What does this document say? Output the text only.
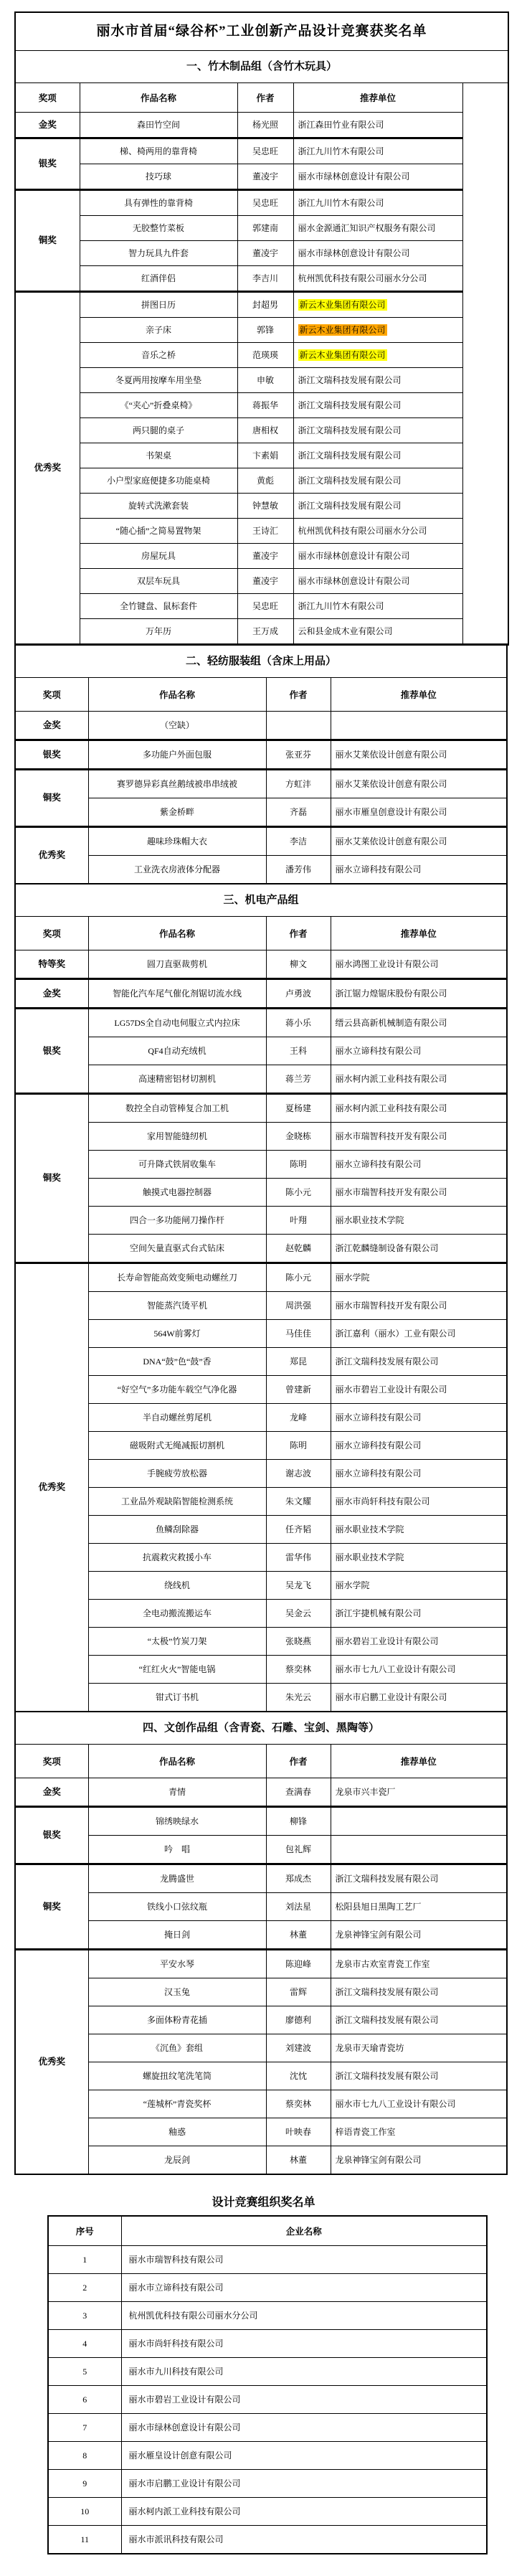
丽水市首届“绿谷杯”工业创新产品设计竞赛获奖名单				
一、竹木制品组（含竹木玩具）				
奖项	作品名称	作者	推荐单位	
金奖	森田竹空间	杨光照	浙江森田竹业有限公司	
银奖	梯、椅两用的靠背椅	吴忠旺	浙江九川竹木有限公司	
	技巧球	董凌宇	丽水市绿林创意设计有限公司	
铜奖	具有弹性的靠背椅	吴忠旺	浙江九川竹木有限公司	
	无胶整竹菜板	郭建南	丽水金源通汇知识产权服务有限公司	
	智力玩具九件套	董凌宇	丽水市绿林创意设计有限公司	
	红酒伴侣	李吉川	杭州凯优科技有限公司丽水分公司	
优秀奖	拼图日历	封超男	新云木业集团有限公司	
	亲子床	郭锋	新云木业集团有限公司	
	音乐之桥	范瑛瑛	新云木业集团有限公司	
	冬夏两用按摩车用坐垫	申敏	浙江文瑞科技发展有限公司	
	《“夹心”折叠桌椅》	蒋振华	浙江文瑞科技发展有限公司	
	两只腿的桌子	唐相权	浙江文瑞科技发展有限公司	
	书架桌	卞素娟	浙江文瑞科技发展有限公司	
	小户型家庭便捷多功能桌椅	黄彪	浙江文瑞科技发展有限公司	
	旋转式洗漱套装	钟慧敏	浙江文瑞科技发展有限公司	
	“随心插”之简易置物架	王诗汇	杭州凯优科技有限公司丽水分公司	
	房屋玩具	董凌宇	丽水市绿林创意设计有限公司	
	双层车玩具	董凌宇	丽水市绿林创意设计有限公司	
	全竹键盘、鼠标套件	吴忠旺	浙江九川竹木有限公司	
	万年历	王万成	云和县金成木业有限公司	
二、轻纺服装组（含床上用品）			
奖项	作品名称	作者	推荐单位
金奖	（空缺）		
银奖	多功能户外面包服	张亚芬	丽水艾莱依设计创意有限公司
铜奖	赛罗德异彩真丝鹅绒被串串绒被	方虹沣	丽水艾莱依设计创意有限公司
	紫金桥畔	齐磊	丽水市雁皇创意设计有限公司
优秀奖	趣味珍珠帽大衣	李洁	丽水艾莱依设计创意有限公司
	工业洗衣房液体分配器	潘芳伟	丽水立谛科技有限公司
三、机电产品组			
奖项	作品名称	作者	推荐单位
特等奖	圆刀直驱裁剪机	柳文	丽水鸿图工业设计有限公司
金奖	智能化汽车尾气催化剂锯切流水线	卢勇波	浙江锯力煌锯床股份有限公司
银奖	LG57DS全自动电伺服立式内拉床	蒋小乐	缙云县高新机械制造有限公司
	QF4自动充绒机	王科	丽水立谛科技有限公司
	高速精密铝材切割机	蒋兰芳	丽水柯内派工业科技有限公司
铜奖	数控全自动管棒复合加工机	夏杨建	丽水柯内派工业科技有限公司
	家用智能缝纫机	金晓栋	丽水市瑞智科技开发有限公司
	可升降式铁屑收集车	陈明	丽水立谛科技有限公司
	触摸式电器控制器	陈小元	丽水市瑞智科技开发有限公司
	四合一多功能闸刀操作杆	叶翔	丽水职业技术学院
	空间矢量直驱式台式钻床	赵乾麟	浙江乾麟缝制设备有限公司
优秀奖	长寿命智能高效变频电动螺丝刀	陈小元	丽水学院
	智能蒸汽烫平机	周洪强	丽水市瑞智科技开发有限公司
	564W前雾灯	马佳佳	浙江嘉利（丽水）工业有限公司
	DNA“鼓”色“鼓”香	郑昆	浙江文瑞科技发展有限公司
	“好空气”多功能车载空气净化器	曾建新	丽水市碧岩工业设计有限公司
	半自动螺丝剪尾机	龙峰	丽水立谛科技有限公司
	磁吸附式无绳减振切割机	陈明	丽水立谛科技有限公司
	手腕疲劳放松器	谢志波	丽水立谛科技有限公司
	工业品外观缺陷智能检测系统	朱文耀	丽水市尚轩科技有限公司
	鱼鳞刮除器	任齐韬	丽水职业技术学院
	抗震救灾救援小车	雷华伟	丽水职业技术学院
	绕线机	吴龙飞	丽水学院
	全电动搬流搬运车	吴金云	浙江宇捷机械有限公司
	“太极”竹炭刀架	张晓燕	丽水碧岩工业设计有限公司
	“红红火火”智能电锅	蔡奕林	丽水市七九八工业设计有限公司
	钳式订书机	朱光云	丽水市启鹏工业设计有限公司
四、文创作品组（含青瓷、石雕、宝剑、黑陶等）			
奖项	作品名称	作者	推荐单位
金奖	青情	查满春	龙泉市兴丰瓷厂
银奖	锦绣映绿水	柳锋	
	吟　唱	包礼辉	
铜奖	龙腾盛世	郑成杰	浙江文瑞科技发展有限公司
	铁线小口弦纹瓶	刘法星	松阳县旭日黑陶工艺厂
	掩日剑	林董	龙泉神锋宝剑有限公司
优秀奖	平安水琴	陈迎峰	龙泉市古欢室青瓷工作室
	汉玉兔	雷辉	浙江文瑞科技发展有限公司
	多面体粉青花插	廖德利	浙江文瑞科技发展有限公司
	《沉鱼》套组	刘建波	龙泉市天瑜青瓷坊
	螺旋扭纹笔洗笔筒	沈忱	浙江文瑞科技发展有限公司
	“莲城杯”青瓷奖杯	蔡奕林	丽水市七九八工业设计有限公司
	釉惑	叶映春	梓语青瓷工作室
	龙辰剑	林董	龙泉神锋宝剑有限公司
设计竞赛组织奖名单
序号	企业名称
1	丽水市瑞智科技有限公司
2	丽水市立谛科技有限公司
3	杭州凯优科技有限公司丽水分公司
4	丽水市尚轩科技有限公司
5	丽水市九川科技有限公司
6	丽水市碧岩工业设计有限公司
7	丽水市绿林创意设计有限公司
8	丽水雁皇设计创意有限公司
9	丽水市启鹏工业设计有限公司
10	丽水柯内派工业科技有限公司
11	丽水市派讯科技有限公司
